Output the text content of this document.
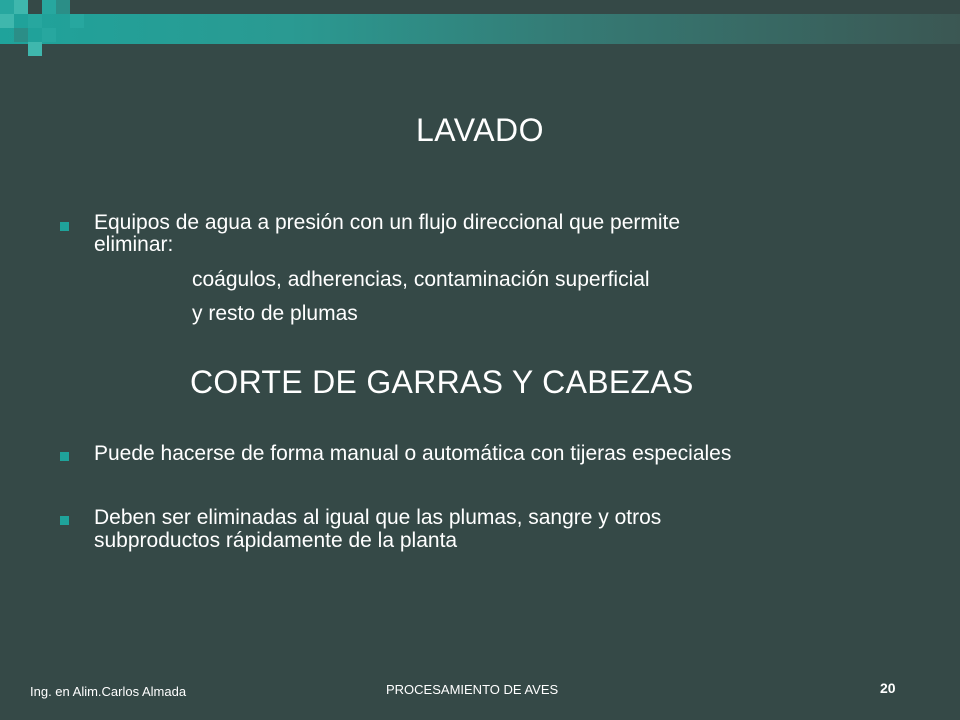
LAVADO
Equipos de agua a presión con un flujo direccional que permite
eliminar:
coágulos, adherencias, contaminación superficial
y resto de plumas
CORTE DE GARRAS Y CABEZAS
Puede hacerse de forma manual o automática con tijeras especiales
Deben ser eliminadas al igual que las plumas, sangre y otros
subproductos rápidamente de la planta
Ing. en Alim.Carlos Almada	PROCESAMIENTO DE AVES	20
